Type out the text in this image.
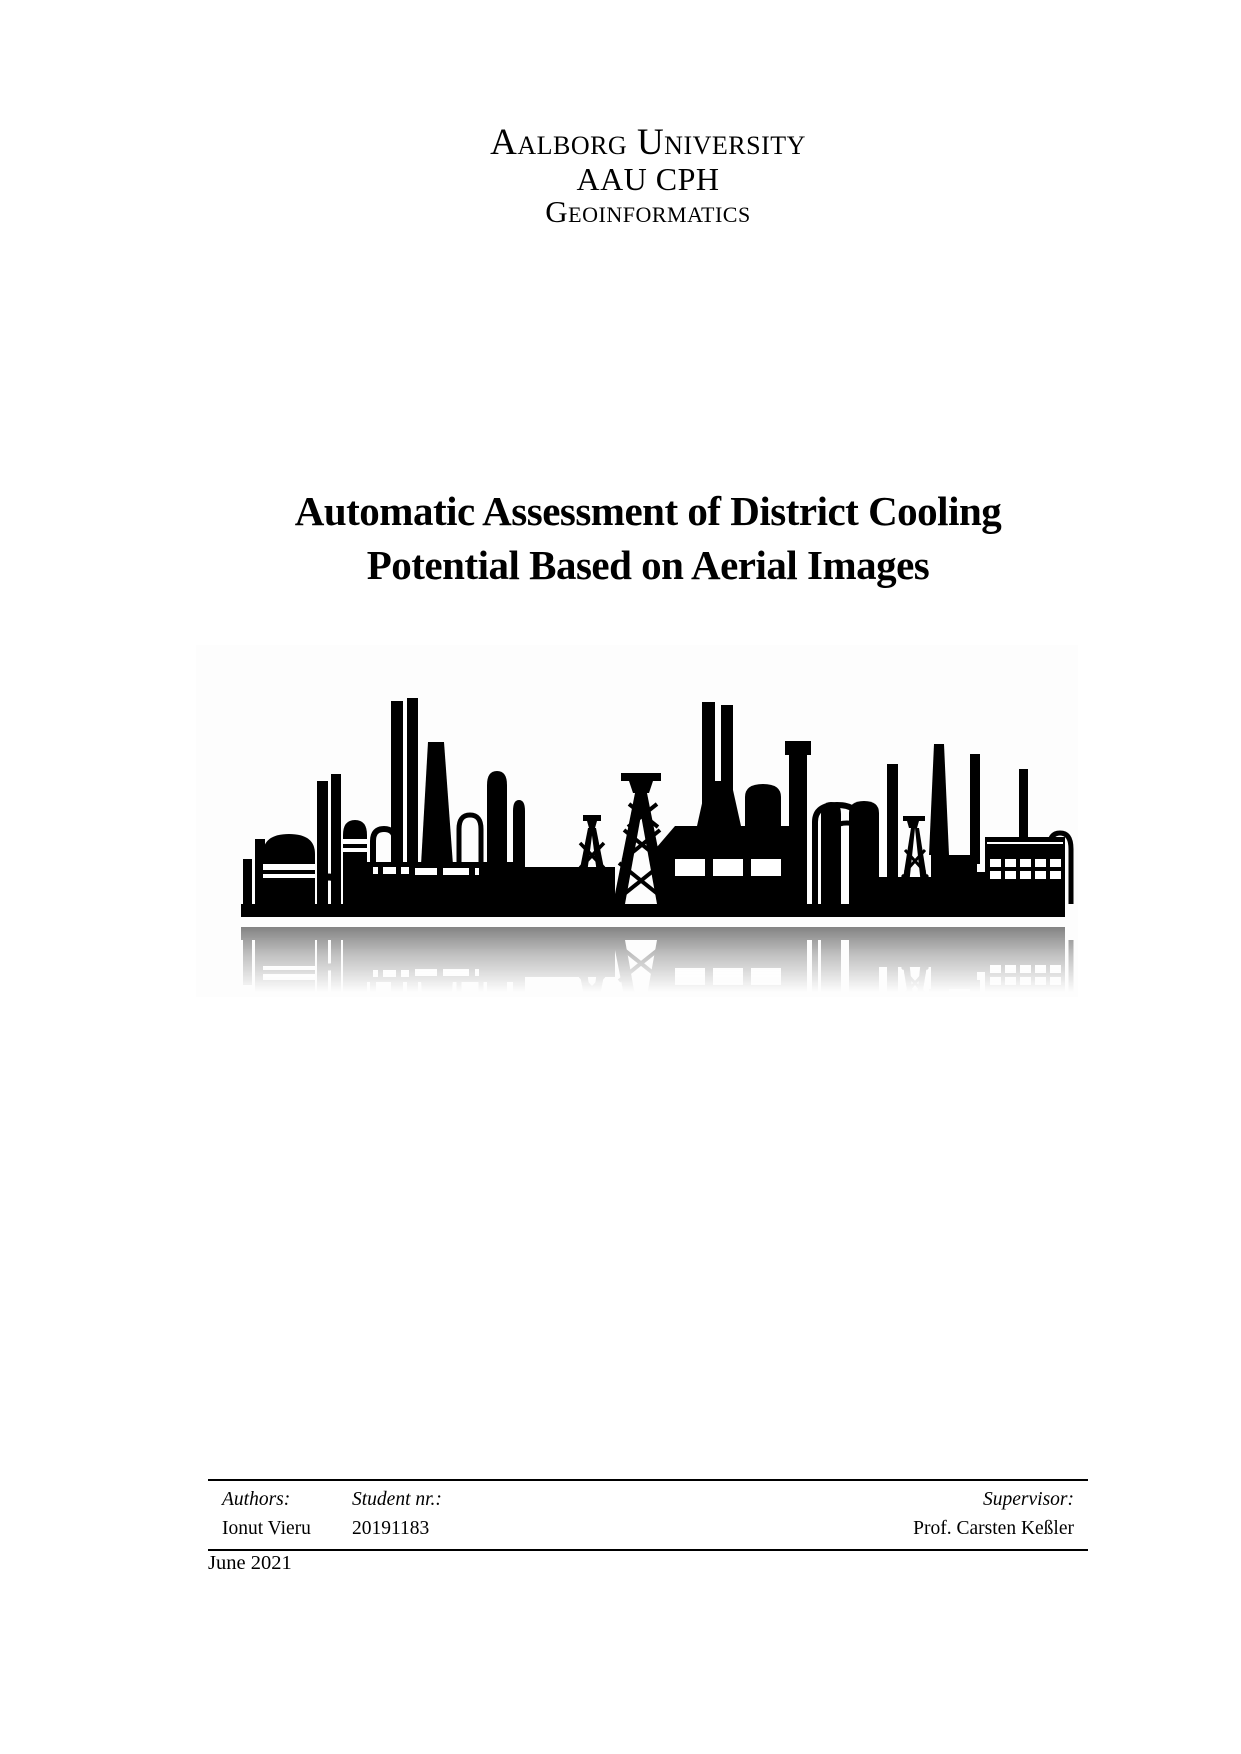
Aalborg University
AAU CPH
Geoinformatics
Automatic Assessment of District Cooling
Potential Based on Aerial Images
Authors:	Student nr.:	Supervisor:
Ionut Vieru	20191183	Prof. Carsten Keßler
June 2021
